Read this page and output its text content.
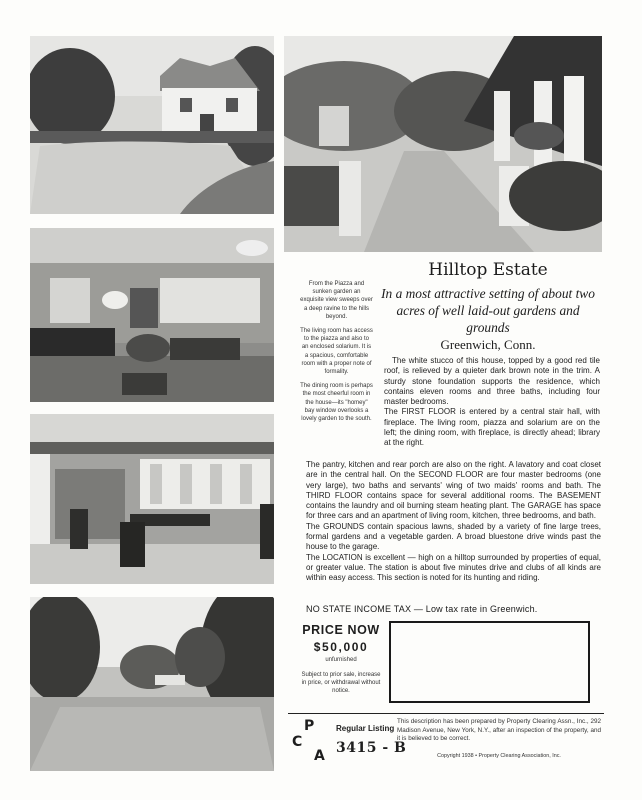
From the Piazza and sunken garden an exquisite view sweeps over a deep ravine to the hills beyond.

The living room has access to the piazza and also to an enclosed solarium. It is a spacious, comfortable room with a proper note of formality.

The dining room is perhaps the most cheerful room in the house—its "homey" bay window overlooks a lovely garden to the south.

Hilltop Estate
In a most attractive setting of about two acres of well laid-out gardens and grounds
Greenwich, Conn.

The white stucco of this house, topped by a good red tile roof, is relieved by a quieter dark brown note in the trim. A sturdy stone foundation supports the residence, which contains eleven rooms and three baths, including four master bedrooms.

The FIRST FLOOR is entered by a central stair hall, with fireplace. The living room, piazza and solarium are on the left; the dining room, with fireplace, is directly ahead; library at the right.

The pantry, kitchen and rear porch are also on the right. A lavatory and coat closet are in the central hall. On the SECOND FLOOR are four master bedrooms (one very large), two baths and servants' wing of two maids' rooms and bath. The THIRD FLOOR contains space for several additional rooms. The BASEMENT contains the laundry and oil burning steam heating plant. The GARAGE has space for three cars and an apartment of living room, kitchen, three bedrooms, and bath.

The GROUNDS contain spacious lawns, shaded by a variety of fine large trees, formal gardens and a vegetable garden. A broad bluestone drive winds past the house to the garage.

The LOCATION is excellent — high on a hilltop surrounded by properties of equal, or greater value. The station is about five minutes drive and clubs of all kinds are within easy access. This section is noted for its hunting and riding.

NO STATE INCOME TAX — Low tax rate in Greenwich.
PRICE NOW
$50,000
unfurnished
Subject to prior sale, increase in price, or withdrawal without notice.
P
C
A
Regular Listing
3415 - B
This description has been prepared by Property Clearing Assn., Inc., 292 Madison Avenue, New York, N.Y., after an inspection of the property, and it is believed to be correct.
Copyright 1938 • Property Clearing Association, Inc.
